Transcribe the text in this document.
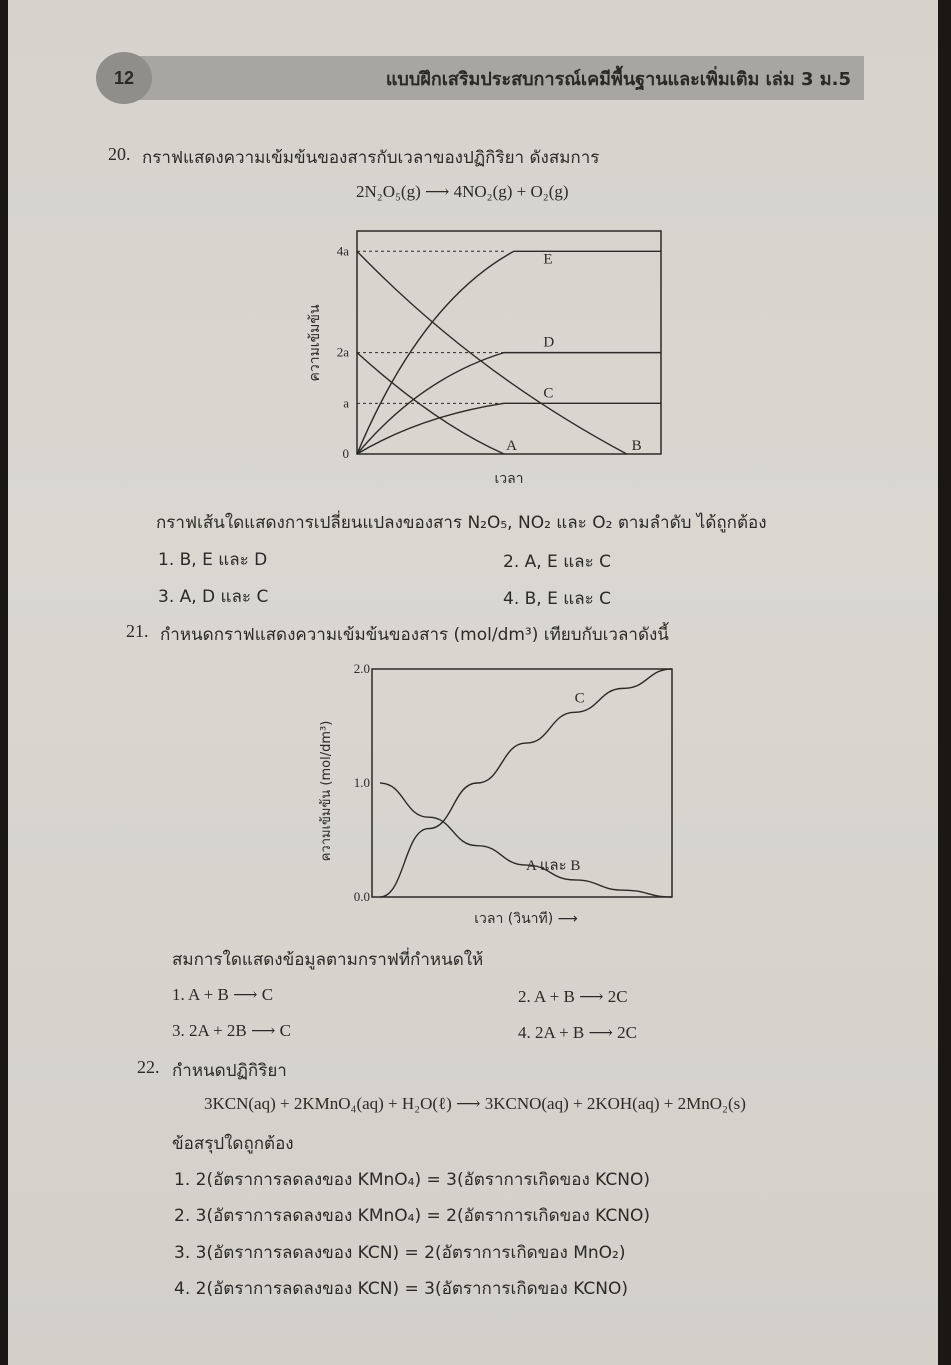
12	แบบฝึกเสริมประสบการณ์เคมีพื้นฐานและเพิ่มเติม เล่ม 3 ม.5
20. กราฟแสดงความเข้มข้นของสารกับเวลาของปฏิกิริยา ดังสมการ
2N₂O₅(g) ⟶ 4NO₂(g) + O₂(g)
0
a
2a
4a
A	B
C
D
E
เวลา
ความเข้มข้น
กราฟเส้นใดแสดงการเปลี่ยนแปลงของสาร N₂O₅, NO₂ และ O₂ ตามลำดับ ได้ถูกต้อง
1. B, E และ D	2. A, E และ C
3. A, D และ C	4. B, E และ C
21. กำหนดกราฟแสดงความเข้มข้นของสาร (mol/dm³) เทียบกับเวลาดังนี้
0.0
1.0
2.0
A และ B
C
เวลา (วินาที) ⟶
ความเข้มข้น (mol/dm³)
สมการใดแสดงข้อมูลตามกราฟที่กำหนดให้
1. A + B ⟶ C	2. A + B ⟶ 2C
3. 2A + 2B ⟶ C	4. 2A + B ⟶ 2C
22. กำหนดปฏิกิริยา
3KCN(aq) + 2KMnO₄(aq) + H₂O(ℓ) ⟶ 3KCNO(aq) + 2KOH(aq) + 2MnO₂(s)
ข้อสรุปใดถูกต้อง
1. 2(อัตราการลดลงของ KMnO₄) = 3(อัตราการเกิดของ KCNO)
2. 3(อัตราการลดลงของ KMnO₄) = 2(อัตราการเกิดของ KCNO)
3. 3(อัตราการลดลงของ KCN) = 2(อัตราการเกิดของ MnO₂)
4. 2(อัตราการลดลงของ KCN) = 3(อัตราการเกิดของ KCNO)
